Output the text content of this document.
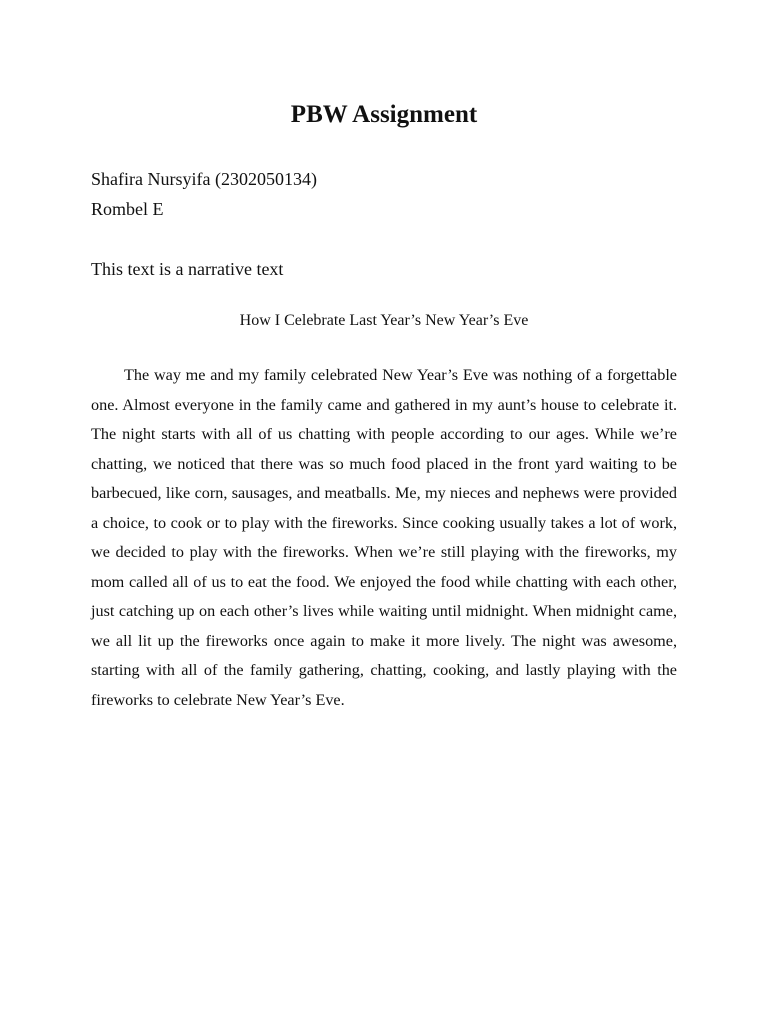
PBW Assignment
Shafira Nursyifa (2302050134)
Rombel E
This text is a narrative text
How I Celebrate Last Year’s New Year’s Eve

The way me and my family celebrated New Year’s Eve was nothing of a forgettable one. Almost everyone in the family came and gathered in my aunt’s house to celebrate it. The night starts with all of us chatting with people according to our ages. While we’re chatting, we noticed that there was so much food placed in the front yard waiting to be barbecued, like corn, sausages, and meatballs. Me, my nieces and nephews were provided a choice, to cook or to play with the fireworks. Since cooking usually takes a lot of work, we decided to play with the fireworks. When we’re still playing with the fireworks, my mom called all of us to eat the food. We enjoyed the food while chatting with each other, just catching up on each other’s lives while waiting until midnight. When midnight came, we all lit up the fireworks once again to make it more lively. The night was awesome, starting with all of the family gathering, chatting, cooking, and lastly playing with the fireworks to celebrate New Year’s Eve.
